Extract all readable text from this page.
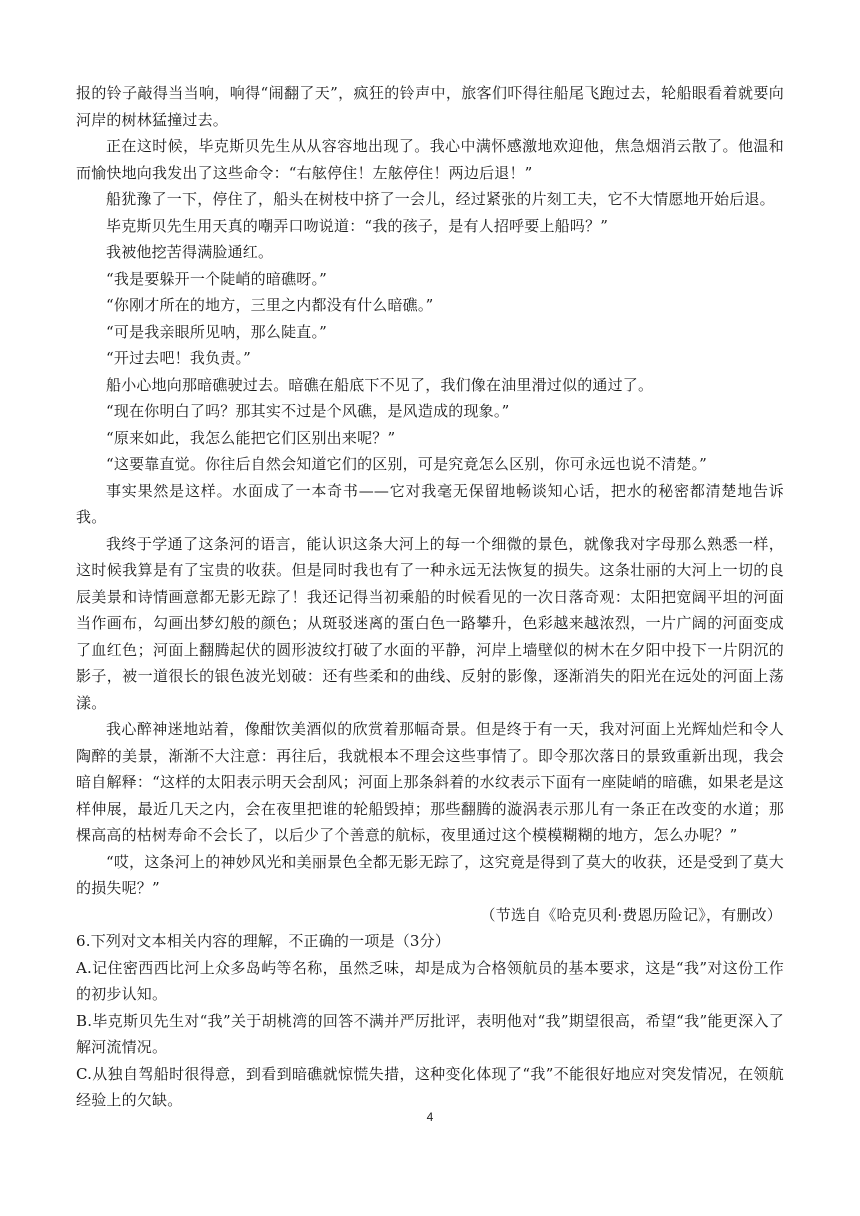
报的铃子敲得当当响，响得“闹翻了天”，疯狂的铃声中，旅客们吓得往船尾飞跑过去，轮船眼看着就要向河岸的树林猛撞过去。

正在这时候，毕克斯贝先生从从容容地出现了。我心中满怀感激地欢迎他，焦急烟消云散了。他温和而愉快地向我发出了这些命令：“右舷停住！左舷停住！两边后退！”

船犹豫了一下，停住了，船头在树枝中挤了一会儿，经过紧张的片刻工夫，它不大情愿地开始后退。

毕克斯贝先生用天真的嘲弄口吻说道：“我的孩子，是有人招呼要上船吗？”

我被他挖苦得满脸通红。

“我是要躲开一个陡峭的暗礁呀。”

“你刚才所在的地方，三里之内都没有什么暗礁。”

“可是我亲眼所见呐，那么陡直。”

“开过去吧！我负责。”

船小心地向那暗礁驶过去。暗礁在船底下不见了，我们像在油里滑过似的通过了。

“现在你明白了吗？那其实不过是个风礁，是风造成的现象。”

“原来如此，我怎么能把它们区别出来呢？”

“这要靠直觉。你往后自然会知道它们的区别，可是究竟怎么区别，你可永远也说不清楚。”

事实果然是这样。水面成了一本奇书——它对我毫无保留地畅谈知心话，把水的秘密都清楚地告诉我。

我终于学通了这条河的语言，能认识这条大河上的每一个细微的景色，就像我对字母那么熟悉一样，这时候我算是有了宝贵的收获。但是同时我也有了一种永远无法恢复的损失。这条壮丽的大河上一切的良辰美景和诗情画意都无影无踪了！我还记得当初乘船的时候看见的一次日落奇观：太阳把宽阔平坦的河面当作画布，勾画出梦幻般的颜色；从斑驳迷离的蛋白色一路攀升，色彩越来越浓烈，一片广阔的河面变成了血红色；河面上翻腾起伏的圆形波纹打破了水面的平静，河岸上墙壁似的树木在夕阳中投下一片阴沉的影子，被一道很长的银色波光划破：还有些柔和的曲线、反射的影像，逐渐消失的阳光在远处的河面上荡漾。

我心醉神迷地站着，像酣饮美酒似的欣赏着那幅奇景。但是终于有一天，我对河面上光辉灿烂和令人陶醉的美景，渐渐不大注意：再往后，我就根本不理会这些事情了。即令那次落日的景致重新出现，我会暗自解释：“这样的太阳表示明天会刮风；河面上那条斜着的水纹表示下面有一座陡峭的暗礁，如果老是这样伸展，最近几天之内，会在夜里把谁的轮船毁掉；那些翻腾的漩涡表示那儿有一条正在改变的水道；那棵高高的枯树寿命不会长了，以后少了个善意的航标，夜里通过这个模模糊糊的地方，怎么办呢？”

“哎，这条河上的神妙风光和美丽景色全都无影无踪了，这究竟是得到了莫大的收获，还是受到了莫大的损失呢？”

（节选自《哈克贝利·费恩历险记》，有删改）

6.下列对文本相关内容的理解，不正确的一项是（3分）

A.记住密西西比河上众多岛屿等名称，虽然乏味，却是成为合格领航员的基本要求，这是“我”对这份工作的初步认知。

B.毕克斯贝先生对“我”关于胡桃湾的回答不满并严厉批评，表明他对“我”期望很高，希望“我”能更深入了解河流情况。

C.从独自驾船时很得意，到看到暗礁就惊慌失措，这种变化体现了“我”不能很好地应对突发情况，在领航经验上的欠缺。

4
